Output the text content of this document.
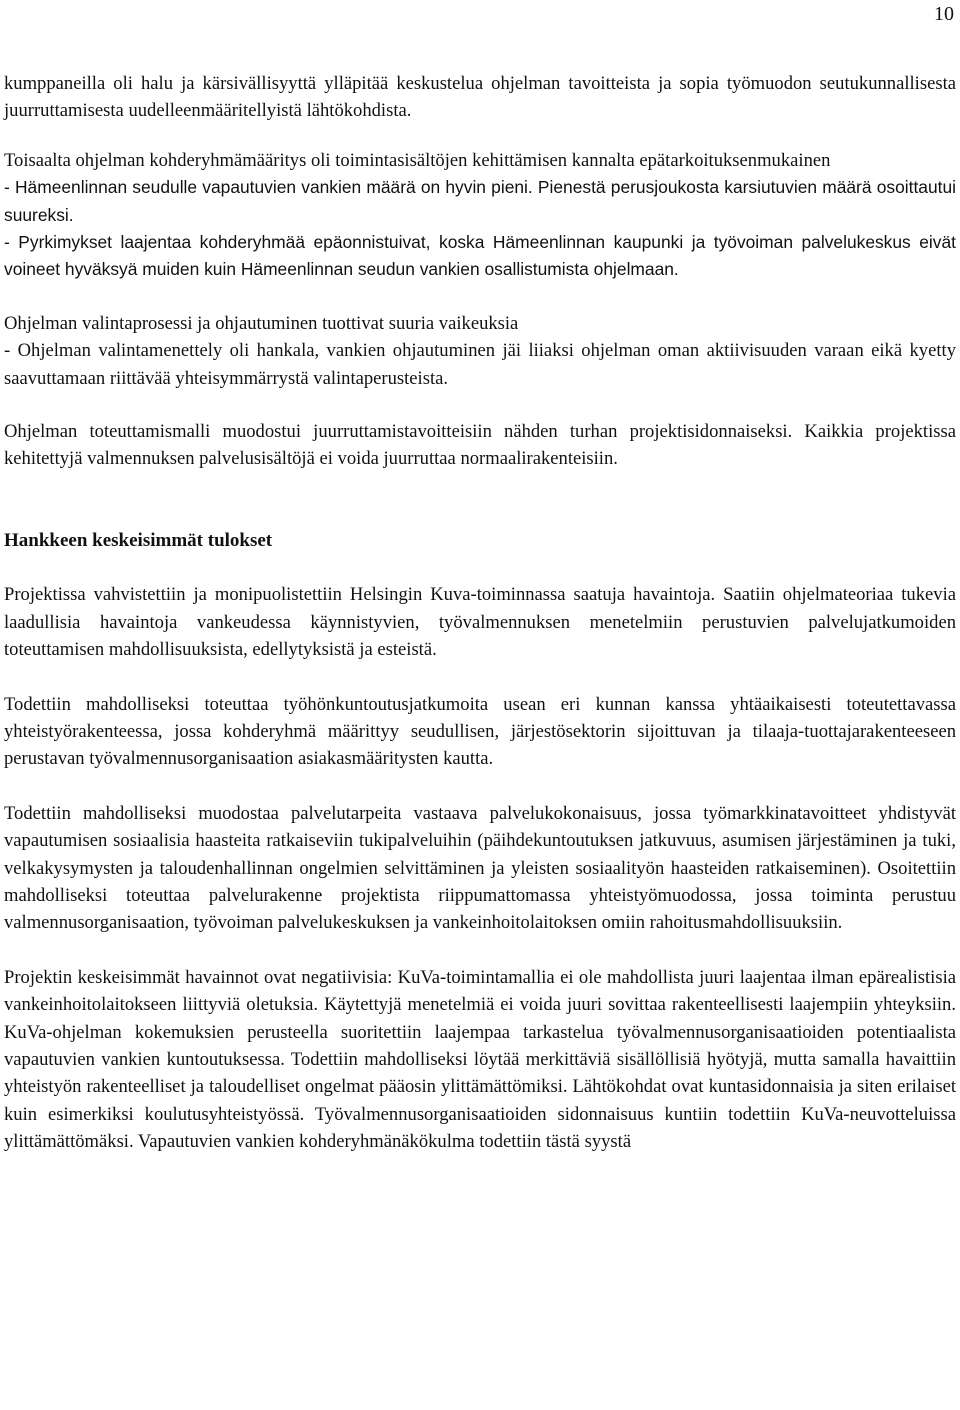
10

kumppaneilla oli halu ja kärsivällisyyttä ylläpitää keskustelua ohjelman tavoitteista ja sopia työmuodon seutukunnallisesta juurruttamisesta uudelleenmääritellyistä lähtökohdista.

Toisaalta ohjelman kohderyhmämääritys oli toimintasisältöjen kehittämisen kannalta epätarkoituksenmukainen

- Hämeenlinnan seudulle vapautuvien vankien määrä on hyvin pieni. Pienestä perusjoukosta karsiutuvien määrä osoittautui suureksi.

- Pyrkimykset laajentaa kohderyhmää epäonnistuivat, koska Hämeenlinnan kaupunki ja työvoiman palvelukeskus eivät voineet hyväksyä muiden kuin Hämeenlinnan seudun vankien osallistumista ohjelmaan.

Ohjelman valintaprosessi ja ohjautuminen tuottivat suuria vaikeuksia

- Ohjelman valintamenettely oli hankala, vankien ohjautuminen jäi liiaksi ohjelman oman aktiivisuuden varaan eikä kyetty saavuttamaan riittävää yhteisymmärrystä valintaperusteista.

Ohjelman toteuttamismalli muodostui juurruttamistavoitteisiin nähden turhan projektisidonnaiseksi. Kaikkia projektissa kehitettyjä valmennuksen palvelusisältöjä ei voida juurruttaa normaalirakenteisiin.

Hankkeen keskeisimmät tulokset

Projektissa vahvistettiin ja monipuolistettiin Helsingin Kuva-toiminnassa saatuja havaintoja. Saatiin ohjelmateoriaa tukevia laadullisia havaintoja vankeudessa käynnistyvien, työvalmennuksen menetelmiin perustuvien palvelujatkumoiden toteuttamisen mahdollisuuksista, edellytyksistä ja esteistä.

Todettiin mahdolliseksi toteuttaa työhönkuntoutusjatkumoita usean eri kunnan kanssa yhtäaikaisesti toteutettavassa yhteistyörakenteessa, jossa kohderyhmä määrittyy seudullisen, järjestösektorin sijoittuvan ja tilaaja-tuottajarakenteeseen perustavan työvalmennusorganisaation asiakasmääritysten kautta.

Todettiin mahdolliseksi muodostaa palvelutarpeita vastaava palvelukokonaisuus, jossa työmarkkinatavoitteet yhdistyvät vapautumisen sosiaalisia haasteita ratkaiseviin tukipalveluihin (päihdekuntoutuksen jatkuvuus, asumisen järjestäminen ja tuki, velkakysymysten ja taloudenhallinnan ongelmien selvittäminen ja yleisten sosiaalityön haasteiden ratkaiseminen). Osoitettiin mahdolliseksi toteuttaa palvelurakenne projektista riippumattomassa yhteistyömuodossa, jossa toiminta perustuu valmennusorganisaation, työvoiman palvelukeskuksen ja vankeinhoitolaitoksen omiin rahoitusmahdollisuuksiin.

Projektin keskeisimmät havainnot ovat negatiivisia: KuVa-toimintamallia ei ole mahdollista juuri laajentaa ilman epärealistisia vankeinhoitolaitokseen liittyviä oletuksia. Käytettyjä menetelmiä ei voida juuri sovittaa rakenteellisesti laajempiin yhteyksiin. KuVa-ohjelman kokemuksien perusteella suoritettiin laajempaa tarkastelua työvalmennusorganisaatioiden potentiaalista vapautuvien vankien kuntoutuksessa. Todettiin mahdolliseksi löytää merkittäviä sisällöllisiä hyötyjä, mutta samalla havaittiin yhteistyön rakenteelliset ja taloudelliset ongelmat pääosin ylittämättömiksi. Lähtökohdat ovat kuntasidonnaisia ja siten erilaiset kuin esimerkiksi koulutusyhteistyössä. Työvalmennusorganisaatioiden sidonnaisuus kuntiin todettiin KuVa-neuvotteluissa ylittämättömäksi. Vapautuvien vankien kohderyhmänäkökulma todettiin tästä syystä
